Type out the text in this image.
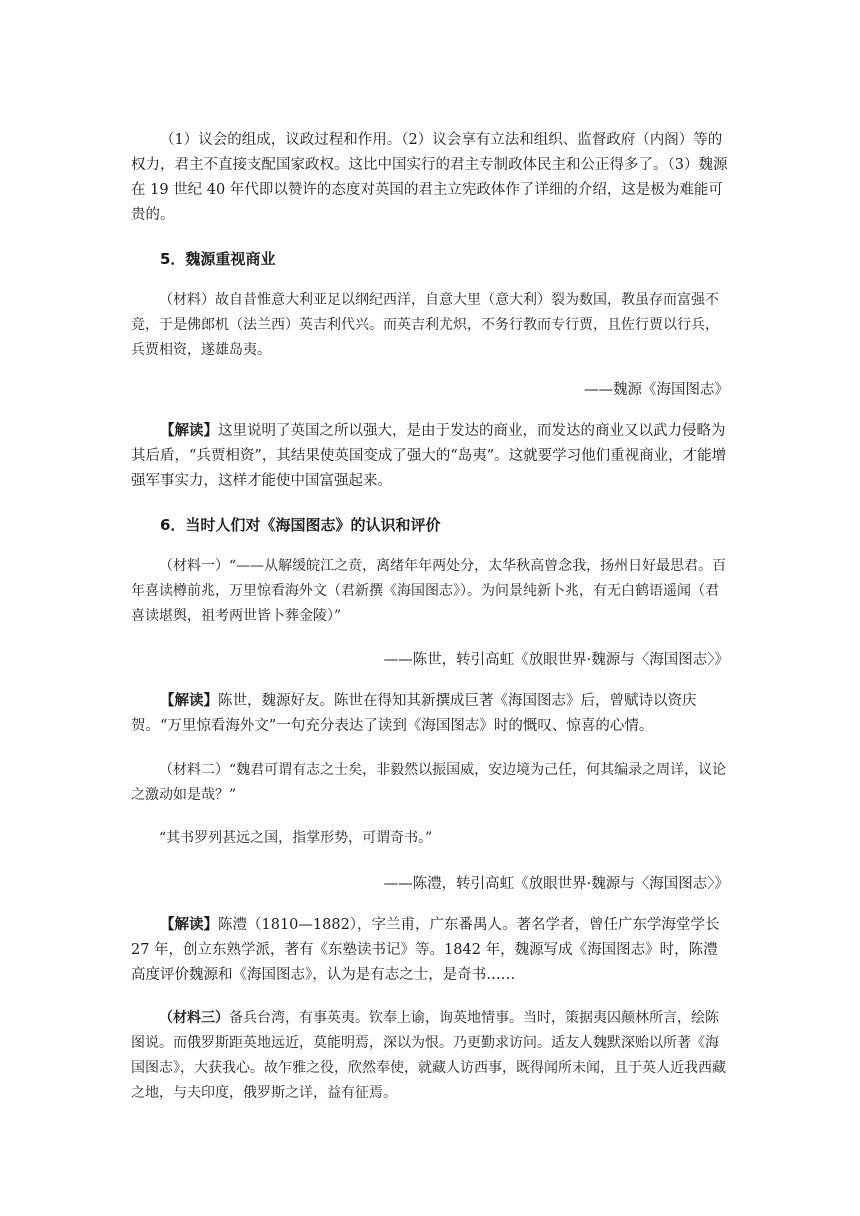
（1）议会的组成，议政过程和作用。（2）议会享有立法和组织、监督政府（内阁）等的权力，君主不直接支配国家政权。这比中国实行的君主专制政体民主和公正得多了。（3）魏源在 19 世纪 40 年代即以赞许的态度对英国的君主立宪政体作了详细的介绍，这是极为难能可贵的。

5．魏源重视商业

（材料）故自昔惟意大利亚足以纲纪西洋，自意大里（意大利）裂为数国，教虽存而富强不竞，于是佛郎机（法兰西）英吉利代兴。而英吉利尤炽，不务行教而专行贾，且佐行贾以行兵，兵贾相资，遂雄岛夷。

——魏源《海国图志》

【解读】这里说明了英国之所以强大，是由于发达的商业，而发达的商业又以武力侵略为其后盾，“兵贾相资”，其结果使英国变成了强大的“岛夷”。这就要学习他们重视商业，才能增强军事实力，这样才能使中国富强起来。

6．当时人们对《海国图志》的认识和评价

（材料一）“——从解缓皖江之贲，离绪年年两处分，太华秋高曾念我，扬州日好最思君。百年喜读樽前兆，万里惊看海外文（君新撰《海国图志》）。为问景纯新卜兆，有无白鹤语遥闻（君喜读堪舆，祖考两世皆卜葬金陵）”

——陈世，转引高虹《放眼世界·魏源与〈海国图志〉》

【解读】陈世，魏源好友。陈世在得知其新撰成巨著《海国图志》后，曾赋诗以资庆贺。“万里惊看海外文”一句充分表达了读到《海国图志》时的慨叹、惊喜的心情。

（材料二）“魏君可谓有志之士矣，非毅然以振国威，安边境为己任，何其编录之周详，议论之激动如是哉？”

“其书罗列甚远之国，指掌形势，可谓奇书。”

——陈澧，转引高虹《放眼世界·魏源与〈海国图志〉》

【解读】陈澧（1810—1882），字兰甫，广东番禺人。著名学者，曾任广东学海堂学长 27 年，创立东熟学派，著有《东塾读书记》等。1842 年，魏源写成《海国图志》时，陈澧高度评价魏源和《海国图志》，认为是有志之士，是奇书……

（材料三）备兵台湾，有事英夷。钦奉上谕，询英地情事。当时，策据夷囚颠林所言，绘陈图说。而俄罗斯距英地远近，莫能明焉，深以为恨。乃更勤求访问。适友人魏默深贻以所著《海国图志》，大获我心。故乍雅之役，欣然奉使，就藏人访西事，既得闻所未闻，且于英人近我西藏之地，与夫印度，俄罗斯之详，益有征焉。
